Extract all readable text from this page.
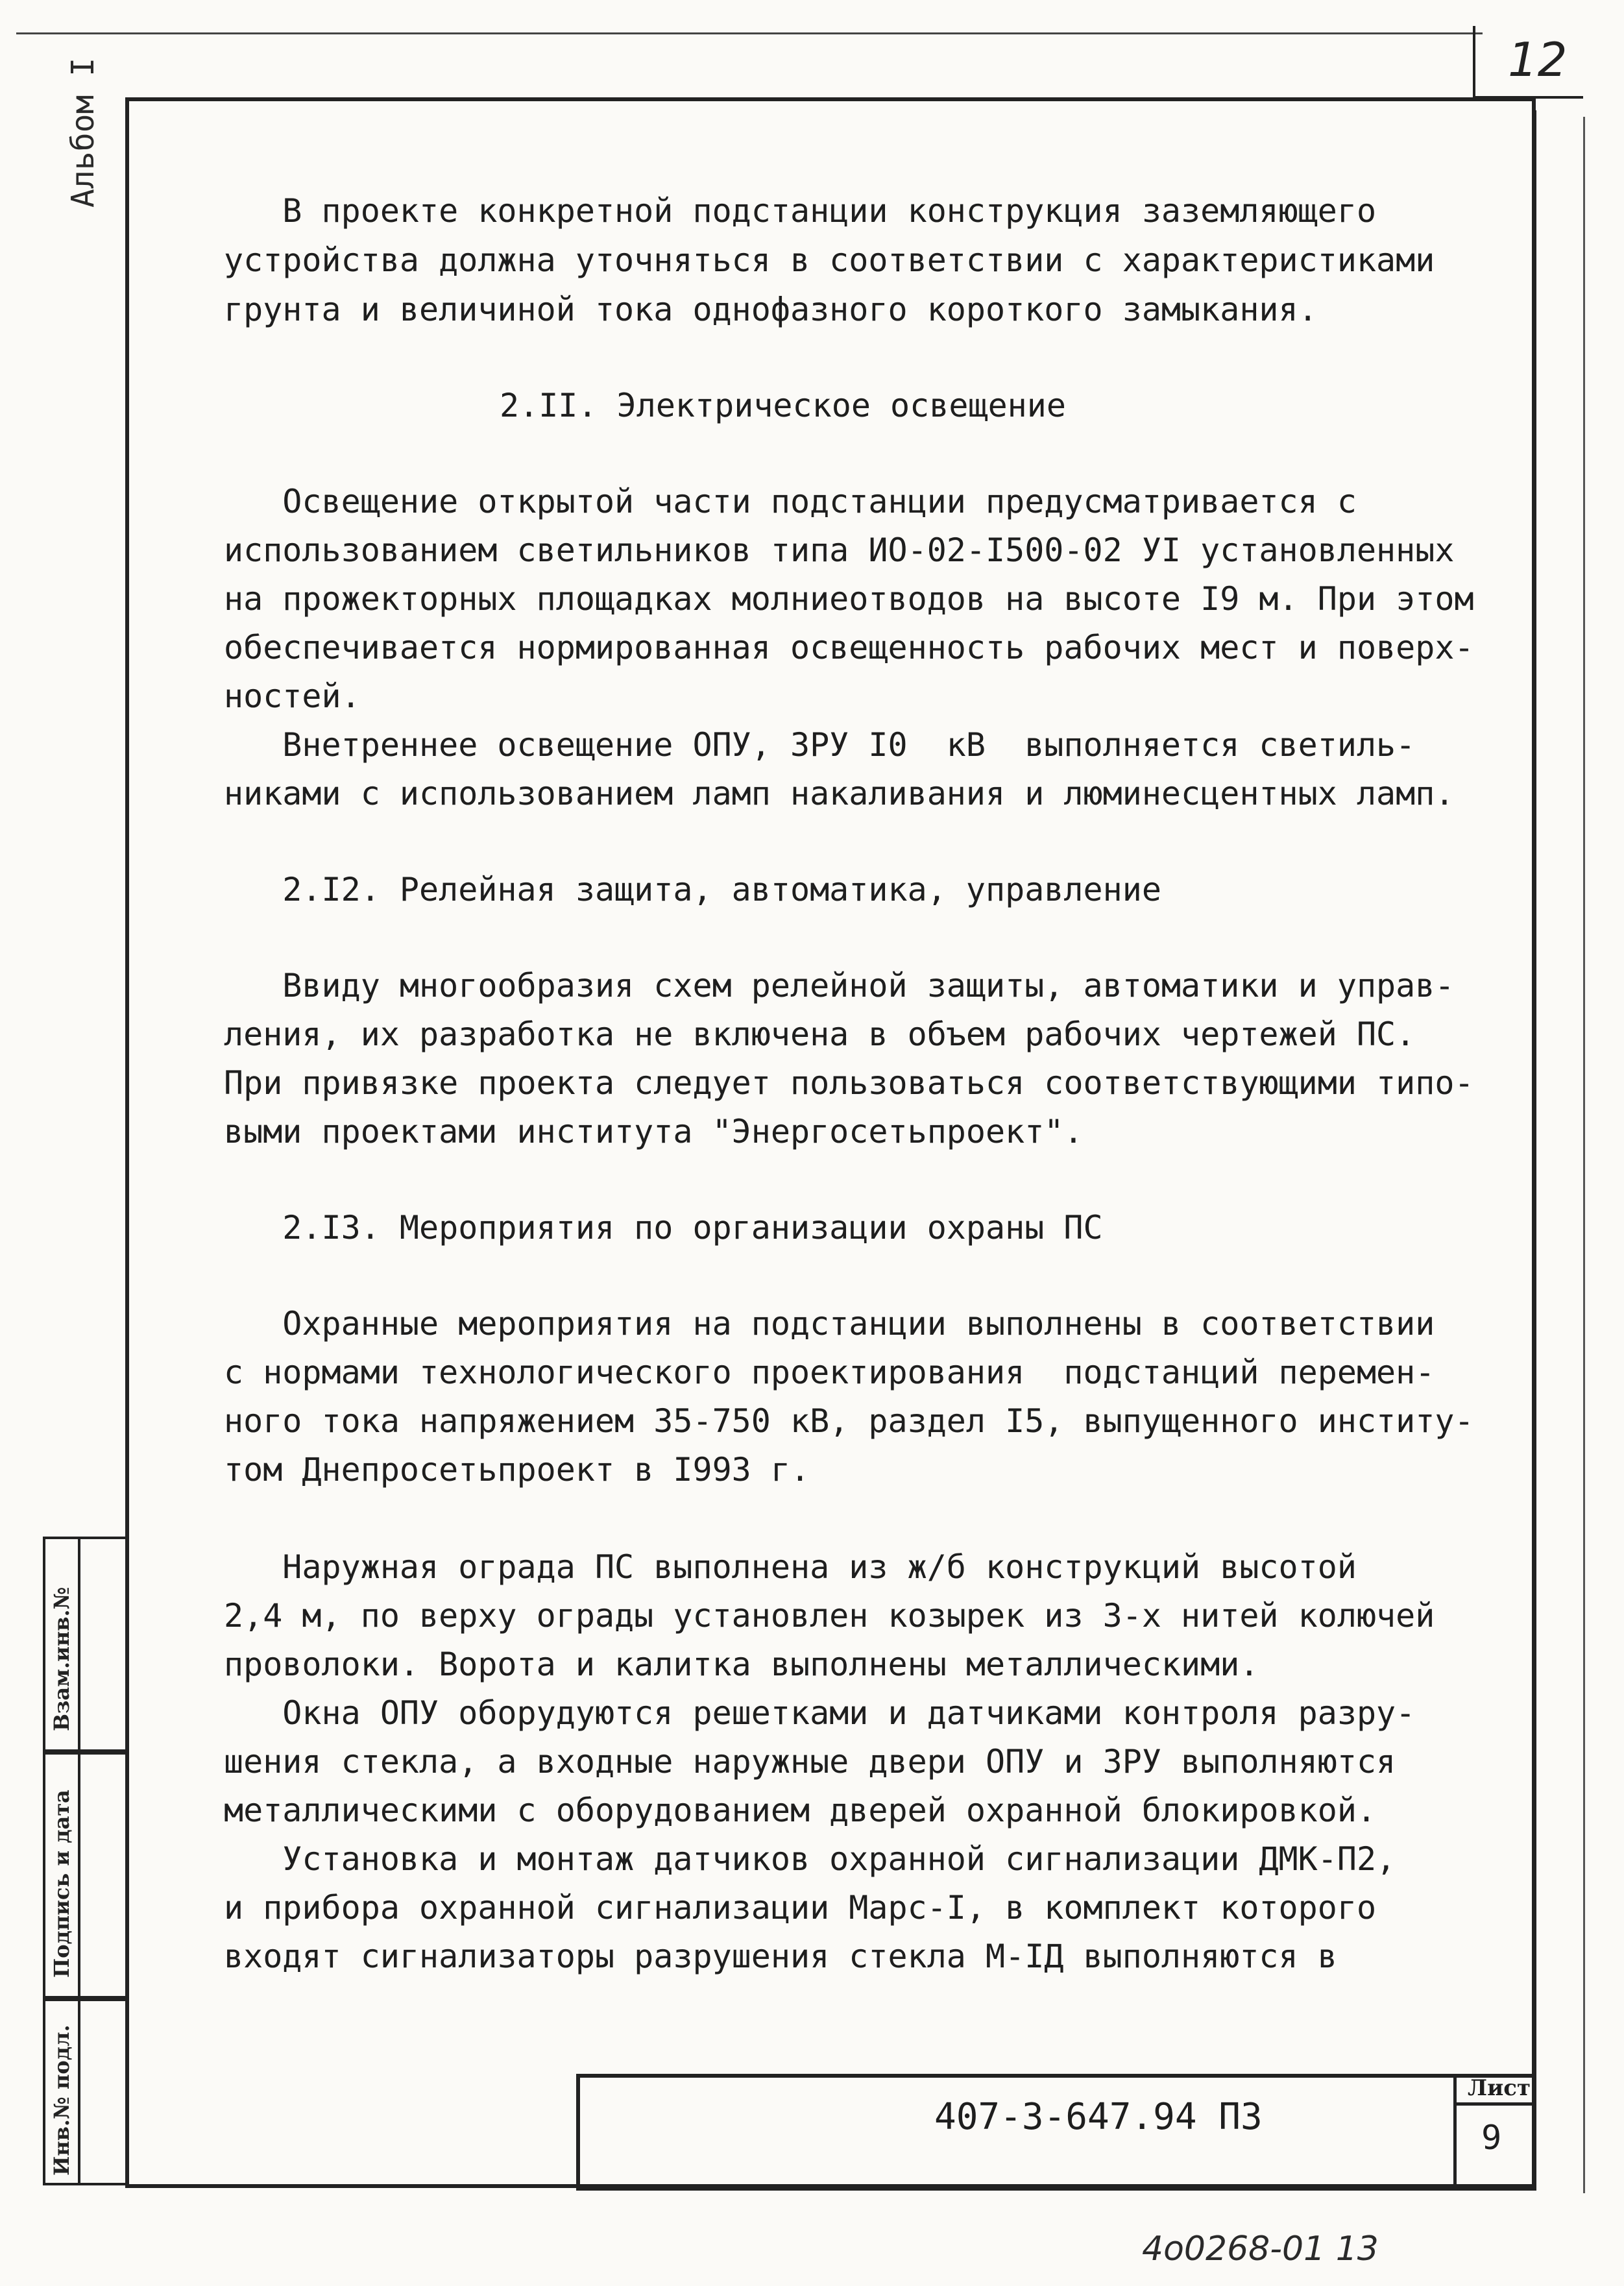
12
Альбом I
Взам.инв.№
Подпись и дата
Инв.№ подл.
В проекте конкретной подстанции конструкция заземляющего
устройства должна уточняться в соответствии с характеристиками
грунта и величиной тока однофазного короткого замыкания.
2.II. Электрическое освещение
Освещение открытой части подстанции предусматривается с
использованием светильников типа ИО-02-I500-02 УI установленных
на прожекторных площадках молниеотводов на высоте I9 м. При этом
обеспечивается нормированная освещенность рабочих мест и поверх-
ностей.
Внетреннее освещение ОПУ, ЗРУ I0  кВ  выполняется светиль-
никами с использованием ламп накаливания и люминесцентных ламп.
2.I2. Релейная защита, автоматика, управление
Ввиду многообразия схем релейной защиты, автоматики и управ-
ления, их разработка не включена в объем рабочих чертежей ПС.
При привязке проекта следует пользоваться соответствующими типо-
выми проектами института "Энергосетьпроект".
2.I3. Мероприятия по организации охраны ПС
Охранные мероприятия на подстанции выполнены в соответствии
с нормами технологического проектирования  подстанций перемен-
ного тока напряжением 35-750 кВ, раздел I5, выпущенного институ-
том Днепросетьпроект в I993 г.
Наружная ограда ПС выполнена из ж/б конструкций высотой
2,4 м, по верху ограды установлен козырек из 3-х нитей колючей
проволоки. Ворота и калитка выполнены металлическими.
Окна ОПУ оборудуются решетками и датчиками контроля разру-
шения стекла, а входные наружные двери ОПУ и ЗРУ выполняются
металлическими с оборудованием дверей охранной блокировкой.
Установка и монтаж датчиков охранной сигнализации ДМК-П2,
и прибора охранной сигнализации Марс-I, в комплект которого
входят сигнализаторы разрушения стекла М-IД выполняются в
407-3-647.94 ПЗ
Лист
9
4о0268-01 13
